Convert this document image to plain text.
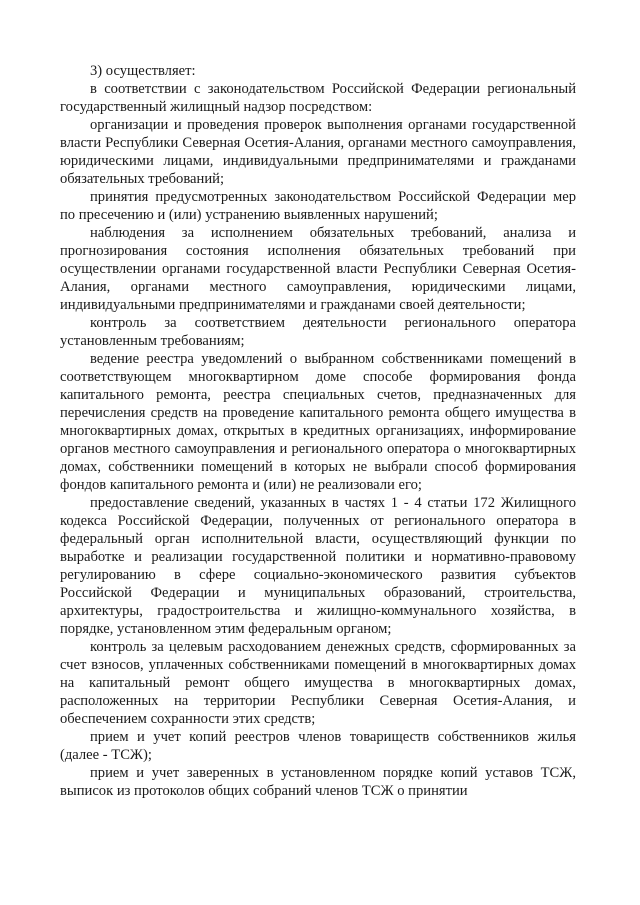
3) осуществляет:

в соответствии с законодательством Российской Федерации региональный государственный жилищный надзор посредством:

организации и проведения проверок выполнения органами государственной власти Республики Северная Осетия-Алания, органами местного самоуправления, юридическими лицами, индивидуальными предпринимателями и гражданами обязательных требований;

принятия предусмотренных законодательством Российской Федерации мер по пресечению и (или) устранению выявленных нарушений;

наблюдения за исполнением обязательных требований, анализа и прогнозирования состояния исполнения обязательных требований при осуществлении органами государственной власти Республики Северная Осетия-Алания, органами местного самоуправления, юридическими лицами, индивидуальными предпринимателями и гражданами своей деятельности;

контроль за соответствием деятельности регионального оператора установленным требованиям;

ведение реестра уведомлений о выбранном собственниками помещений в соответствующем многоквартирном доме способе формирования фонда капитального ремонта, реестра специальных счетов, предназначенных для перечисления средств на проведение капитального ремонта общего имущества в многоквартирных домах, открытых в кредитных организациях, информирование органов местного самоуправления и регионального оператора о многоквартирных домах, собственники помещений в которых не выбрали способ формирования фондов капитального ремонта и (или) не реализовали его;

предоставление сведений, указанных в частях 1 - 4 статьи 172 Жилищного кодекса Российской Федерации, полученных от регионального оператора в федеральный орган исполнительной власти, осуществляющий функции по выработке и реализации государственной политики и нормативно-правовому регулированию в сфере социально-экономического развития субъектов Российской Федерации и муниципальных образований, строительства, архитектуры, градостроительства и жилищно-коммунального хозяйства, в порядке, установленном этим федеральным органом;

контроль за целевым расходованием денежных средств, сформированных за счет взносов, уплаченных собственниками помещений в многоквартирных домах на капитальный ремонт общего имущества в многоквартирных домах, расположенных на территории Республики Северная Осетия-Алания, и обеспечением сохранности этих средств;

прием и учет копий реестров членов товариществ собственников жилья (далее - ТСЖ);

прием и учет заверенных в установленном порядке копий уставов ТСЖ, выписок из протоколов общих собраний членов ТСЖ о принятии
